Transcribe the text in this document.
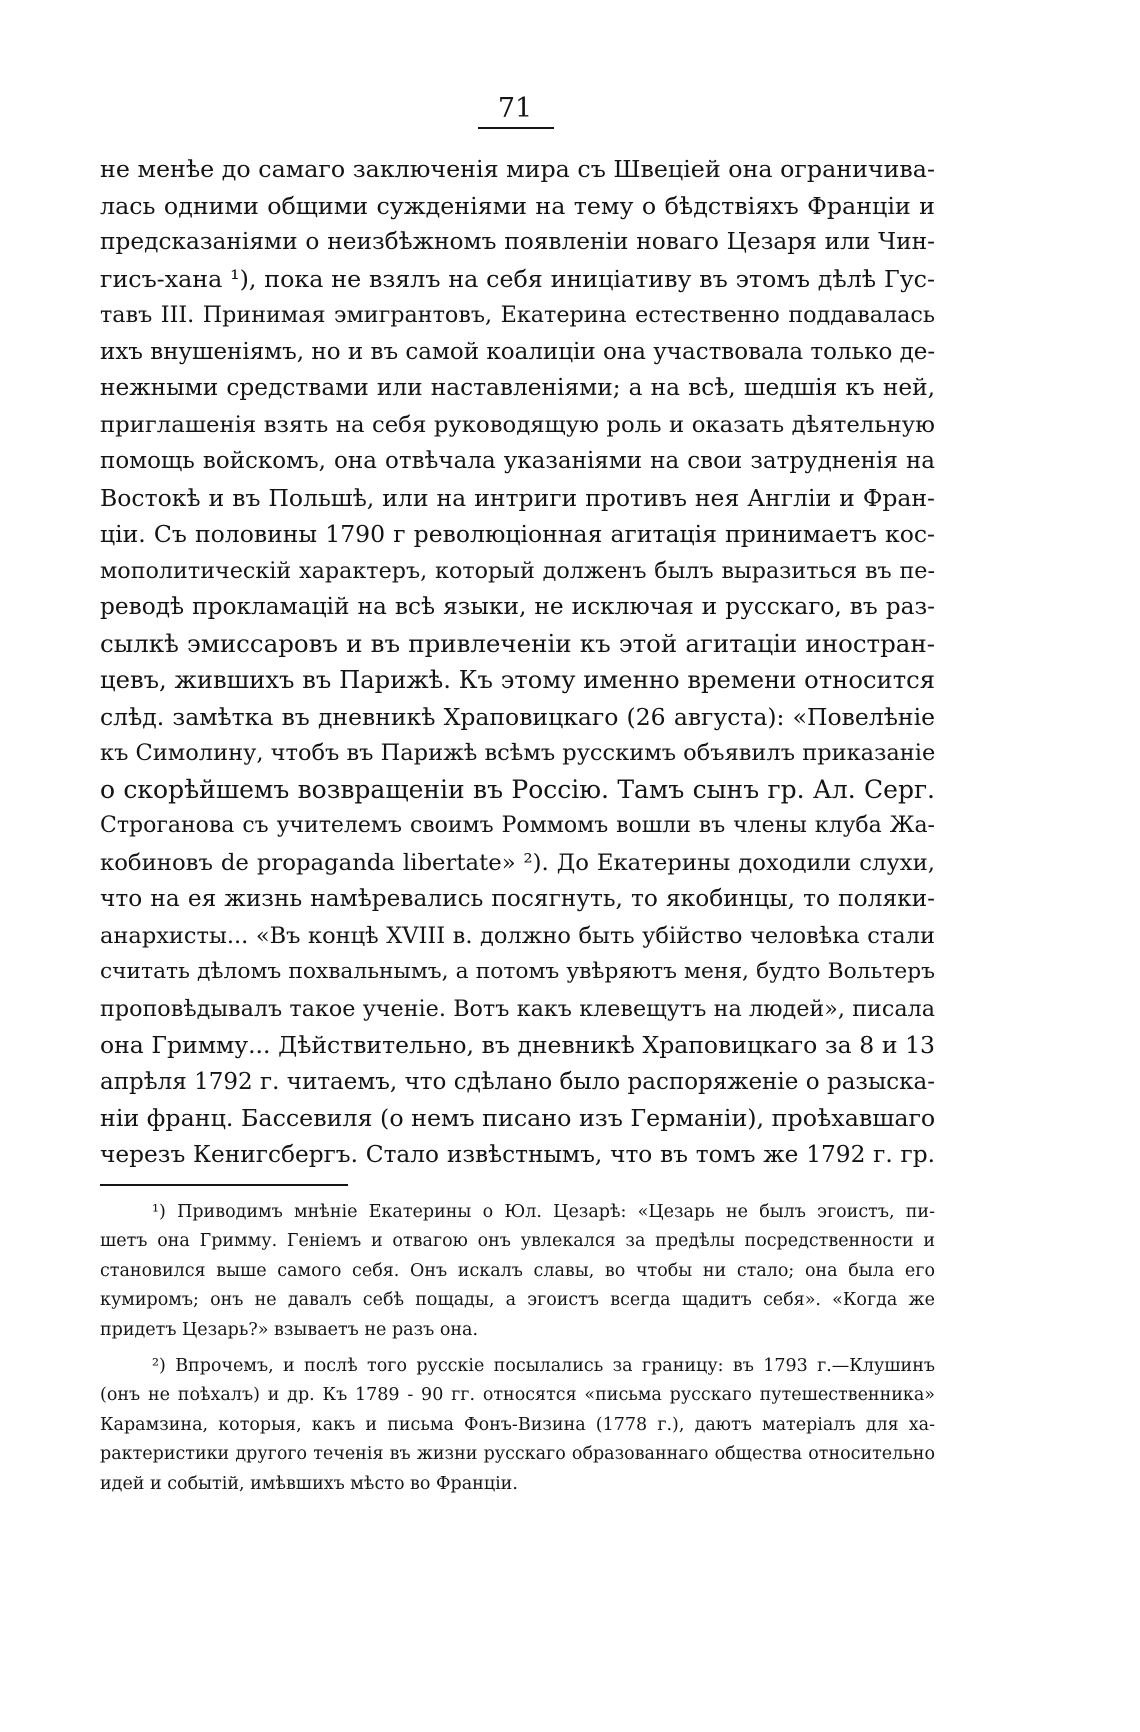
71
не менѣе до самаго заключенія мира съ Швеціей она ограничива-
лась одними общими сужденіями на тему о бѣдствіяхъ Франціи и
предсказаніями о неизбѣжномъ появленіи новаго Цезаря или Чин-
гисъ-хана ¹), пока не взялъ на себя иниціативу въ этомъ дѣлѣ Гус-
тавъ III. Принимая эмигрантовъ, Екатерина естественно поддавалась
ихъ внушеніямъ, но и въ самой коалиціи она участвовала только де-
нежными средствами или наставленіями; а на всѣ, шедшія къ ней,
приглашенія взять на себя руководящую роль и оказать дѣятельную
помощь войскомъ, она отвѣчала указаніями на свои затрудненія на
Востокѣ и въ Польшѣ, или на интриги противъ нея Англіи и Фран-
ціи. Съ половины 1790 г революціонная агитація принимаетъ кос-
мополитическій характеръ, который долженъ былъ выразиться въ пе-
реводѣ прокламацій на всѣ языки, не исключая и русскаго, въ рaз-
сылкѣ эмиссаровъ и въ привлеченіи къ этой агитаціи иностран-
цевъ, жившихъ въ Парижѣ. Къ этому именно времени относится
слѣд. замѣтка въ дневникѣ Храповицкаго (26 августа): «Повелѣніе
къ Симолину, чтобъ въ Парижѣ всѣмъ русскимъ объявилъ приказаніе
о скорѣйшемъ возвращеніи въ Россію. Тамъ сынъ гр. Ал. Серг.
Строганова съ учителемъ своимъ Роммомъ вошли въ члены клуба Жа-
кобиновъ de propaganda libertate» ²). До Екатерины доходили слухи,
что на ея жизнь намѣревались посягнуть, то якобинцы, то поляки-
анархисты... «Въ концѣ XVIII в. должно быть убійство человѣка стали
считать дѣломъ похвальнымъ, а потомъ увѣряютъ меня, будто Вольтеръ
проповѣдывалъ такое ученіе. Вотъ какъ клевещутъ на людей», писала
она Гримму... Дѣйствительно, въ дневникѣ Храповицкаго за 8 и 13
апрѣля 1792 г. читаемъ, что сдѣлано было распоряженіе о разыска-
ніи франц. Бассевиля (о немъ писано изъ Германіи), проѣхавшаго
черезъ Кенигсбергъ. Стало извѣстнымъ, что въ томъ же 1792 г. гр.
¹) Приводимъ мнѣніе Екатерины о Юл. Цезарѣ: «Цезарь не былъ эгоистъ, пи-
шетъ она Гримму. Геніемъ и отвагою онъ увлекался за предѣлы посредственности и
становился выше самого себя. Онъ искалъ славы, во чтобы ни стало; она была его
кумиромъ; онъ не давалъ себѣ пощады, а эгоистъ всегда щадитъ себя». «Когда же
придетъ Цезарь?» взываетъ не разъ она.
²) Впрочемъ, и послѣ того русскіе посылались за границу: въ 1793 г.—Клушинъ
(онъ не поѣхалъ) и др. Къ 1789 - 90 гг. относятся «письма русскаго путешественника»
Карамзина, которыя, какъ и письма Фонъ-Визина (1778 г.), даютъ матеріалъ для ха-
рактеристики другого теченія въ жизни русскаго образованнаго общества относительно
идей и событій, имѣвшихъ мѣсто во Франціи.
